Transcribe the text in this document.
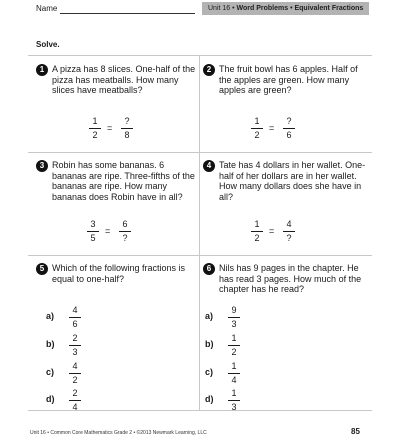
Name	Unit 16 • Word Problems • Equivalent Fractions
Solve.
1 A pizza has 8 slices. One-half of the pizza has meatballs. How many slices have meatballs?
1
2
=
?
8
2 The fruit bowl has 6 apples. Half of the apples are green. How many apples are green?
1
2
=
?
6
3 Robin has some bananas. 6 bananas are ripe. Three-fifths of the bananas are ripe. How many bananas does Robin have in all?
3
5
=
6
?
4 Tate has 4 dollars in her wallet. One-half of her dollars are in her wallet. How many dollars does she have in all?
1
2
=
4
?
5 Which of the following fractions is equal to one-half?
a)
4
6
b)
2
3
c)
4
2
d)
2
4
6 Nils has 9 pages in the chapter. He has read 3 pages. How much of the chapter has he read?
a)
9
3
b)
1
2
c)
1
4
d)
1
3
Unit 16 • Common Core Mathematics Grade 2 • ©2013 Newmark Learning, LLC	85
